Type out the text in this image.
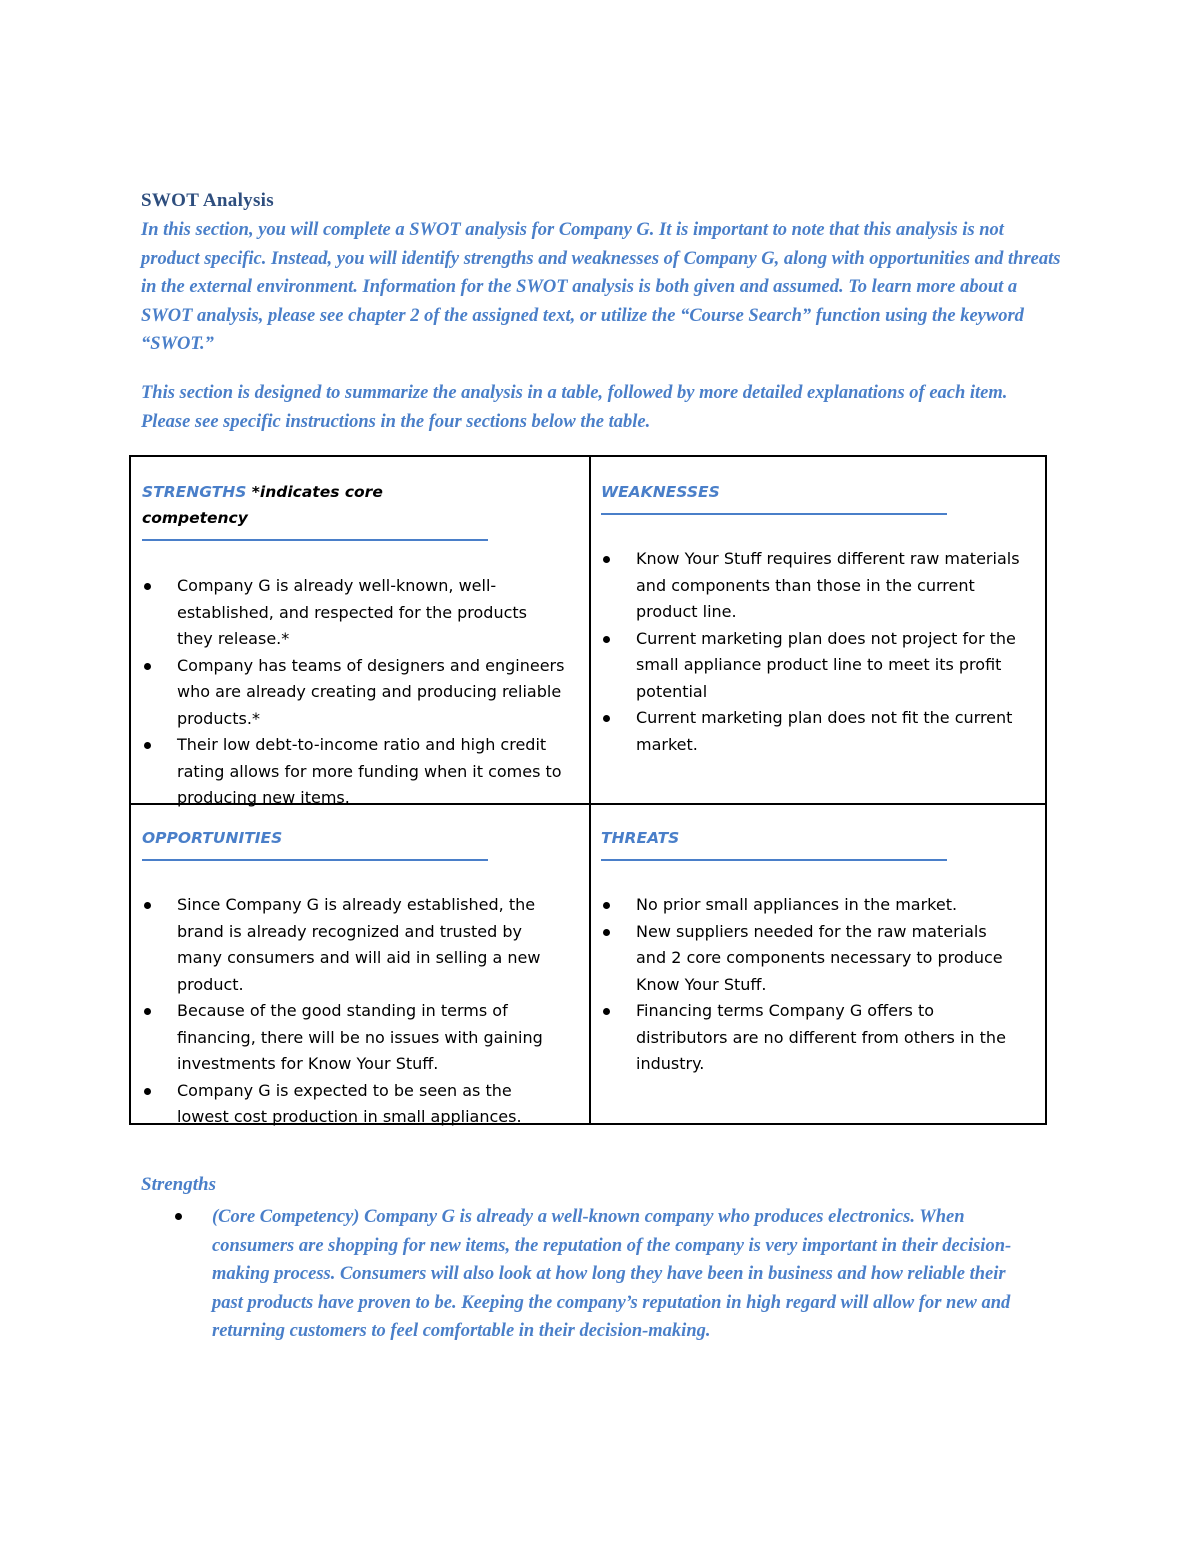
SWOT Analysis

In this section, you will complete a SWOT analysis for Company G. It is important to note that this analysis is not product specific. Instead, you will identify strengths and weaknesses of Company G, along with opportunities and threats in the external environment. Information for the SWOT analysis is both given and assumed. To learn more about a SWOT analysis, please see chapter 2 of the assigned text, or utilize the “Course Search” function using the keyword “SWOT.”

This section is designed to summarize the analysis in a table, followed by more detailed explanations of each item. Please see specific instructions in the four sections below the table.

STRENGTHS *indicates core competency
Company G is already well-known, well-established, and respected for the products they release.*
Company has teams of designers and engineers who are already creating and producing reliable products.*
Their low debt-to-income ratio and high credit rating allows for more funding when it comes to producing new items.
WEAKNESSES
Know Your Stuff requires different raw materials and components than those in the current product line.
Current marketing plan does not project for the small appliance product line to meet its profit potential
Current marketing plan does not fit the current market.
OPPORTUNITIES
Since Company G is already established, the brand is already recognized and trusted by many consumers and will aid in selling a new product.
Because of the good standing in terms of financing, there will be no issues with gaining investments for Know Your Stuff.
Company G is expected to be seen as the lowest cost production in small appliances.
THREATS
No prior small appliances in the market.
New suppliers needed for the raw materials and 2 core components necessary to produce Know Your Stuff.
Financing terms Company G offers to distributors are no different from others in the industry.
Strengths
(Core Competency) Company G is already a well-known company who produces electronics. When consumers are shopping for new items, the reputation of the company is very important in their decision-making process. Consumers will also look at how long they have been in business and how reliable their past products have proven to be. Keeping the company’s reputation in high regard will allow for new and returning customers to feel comfortable in their decision-making.
